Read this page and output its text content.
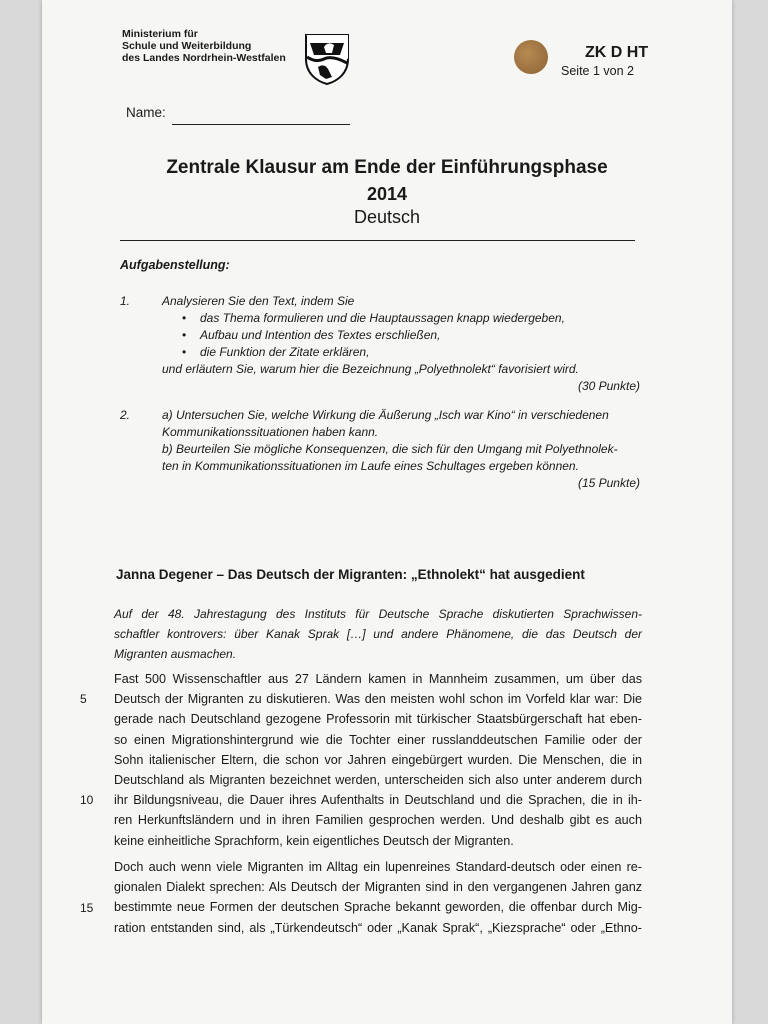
Ministerium für
Schule und Weiterbildung
des Landes Nordrhein-Westfalen	ZK D HT
Seite 1 von 2
Name:
Zentrale Klausur am Ende der Einführungsphase
2014
Deutsch
Aufgabenstellung:
1.	Analysieren Sie den Text, indem Sie
• das Thema formulieren und die Hauptaussagen knapp wiedergeben,
• Aufbau und Intention des Textes erschließen,
• die Funktion der Zitate erklären,
und erläutern Sie, warum hier die Bezeichnung „Polyethnolekt“ favorisiert wird.
(30 Punkte)
2.	a) Untersuchen Sie, welche Wirkung die Äußerung „Isch war Kino“ in verschiedenen
Kommunikationssituationen haben kann.
b) Beurteilen Sie mögliche Konsequenzen, die sich für den Umgang mit Polyethnolek-
ten in Kommunikationssituationen im Laufe eines Schultages ergeben können.
(15 Punkte)
Janna Degener – Das Deutsch der Migranten: „Ethnolekt“ hat ausgedient
Auf der 48. Jahrestagung des Instituts für Deutsche Sprache diskutierten Sprachwissen-
schaftler kontrovers: über Kanak Sprak […] und andere Phänomene, die das Deutsch der
Migranten ausmachen.
Fast 500 Wissenschaftler aus 27 Ländern kamen in Mannheim zusammen, um über das
Deutsch der Migranten zu diskutieren. Was den meisten wohl schon im Vorfeld klar war: Die
gerade nach Deutschland gezogene Professorin mit türkischer Staatsbürgerschaft hat eben-
so einen Migrationshintergrund wie die Tochter einer russlanddeutschen Familie oder der
Sohn italienischer Eltern, die schon vor Jahren eingebürgert wurden. Die Menschen, die in
Deutschland als Migranten bezeichnet werden, unterscheiden sich also unter anderem durch
ihr Bildungsniveau, die Dauer ihres Aufenthalts in Deutschland und die Sprachen, die in ih-
ren Herkunftsländern und in ihren Familien gesprochen werden. Und deshalb gibt es auch
keine einheitliche Sprachform, kein eigentliches Deutsch der Migranten.
Doch auch wenn viele Migranten im Alltag ein lupenreines Standard-deutsch oder einen re-
gionalen Dialekt sprechen: Als Deutsch der Migranten sind in den vergangenen Jahren ganz
bestimmte neue Formen der deutschen Sprache bekannt geworden, die offenbar durch Mig-
ration entstanden sind, als „Türkendeutsch“ oder „Kanak Sprak“, „Kiezsprache“ oder „Ethno-
5
10
15
